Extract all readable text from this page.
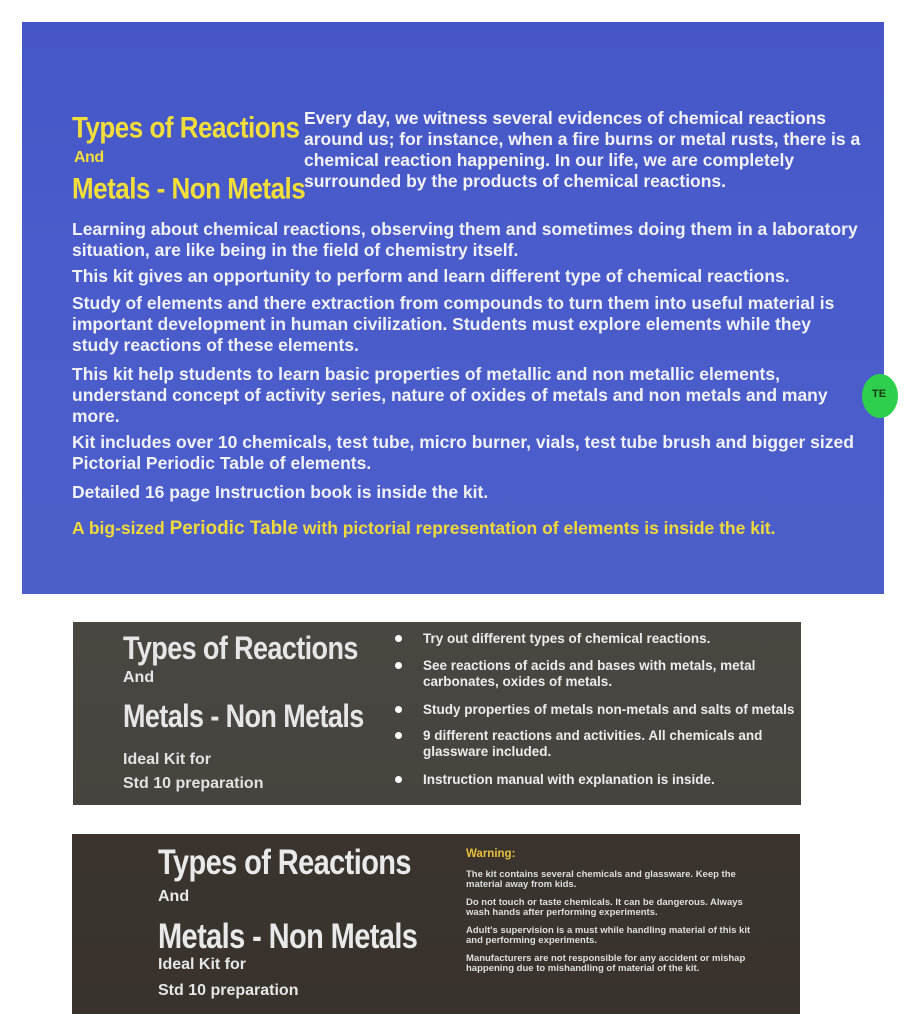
Types of Reactions
And
Metals - Non Metals

Every day, we witness several evidences of chemical reactions around us; for instance, when a fire burns or metal rusts, there is a chemical reaction happening. In our life, we are completely surrounded by the products of chemical reactions.

Learning about chemical reactions, observing them and sometimes doing them in a laboratory situation, are like being in the field of chemistry itself.

This kit gives an opportunity to perform and learn different type of chemical reactions.

Study of elements and there extraction from compounds to turn them into useful material is important development in human civilization. Students must explore elements while they study reactions of these elements.

This kit help students to learn basic properties of metallic and non metallic elements, understand concept of activity series, nature of oxides of metals and non metals and many more.

Kit includes over 10 chemicals, test tube, micro burner, vials, test tube brush and bigger sized Pictorial Periodic Table of elements.

Detailed 16 page Instruction book is inside the kit.

A big-sized Periodic Table with pictorial representation of elements is inside the kit.

TE
Types of Reactions
And
Metals - Non Metals
Ideal Kit for
Std 10 preparation
Try out different types of chemical reactions.
See reactions of acids and bases with metals, metal carbonates, oxides of metals.
Study properties of metals non-metals and salts of metals
9 different reactions and activities. All chemicals and glassware included.
Instruction manual with explanation is inside.
Types of Reactions
And
Metals - Non Metals
Ideal Kit for
Std 10 preparation
Warning:
The kit contains several chemicals and glassware. Keep the material away from kids.
Do not touch or taste chemicals. It can be dangerous. Always wash hands after performing experiments.
Adult's supervision is a must while handling material of this kit and performing experiments.
Manufacturers are not responsible for any accident or mishap happening due to mishandling of material of the kit.
